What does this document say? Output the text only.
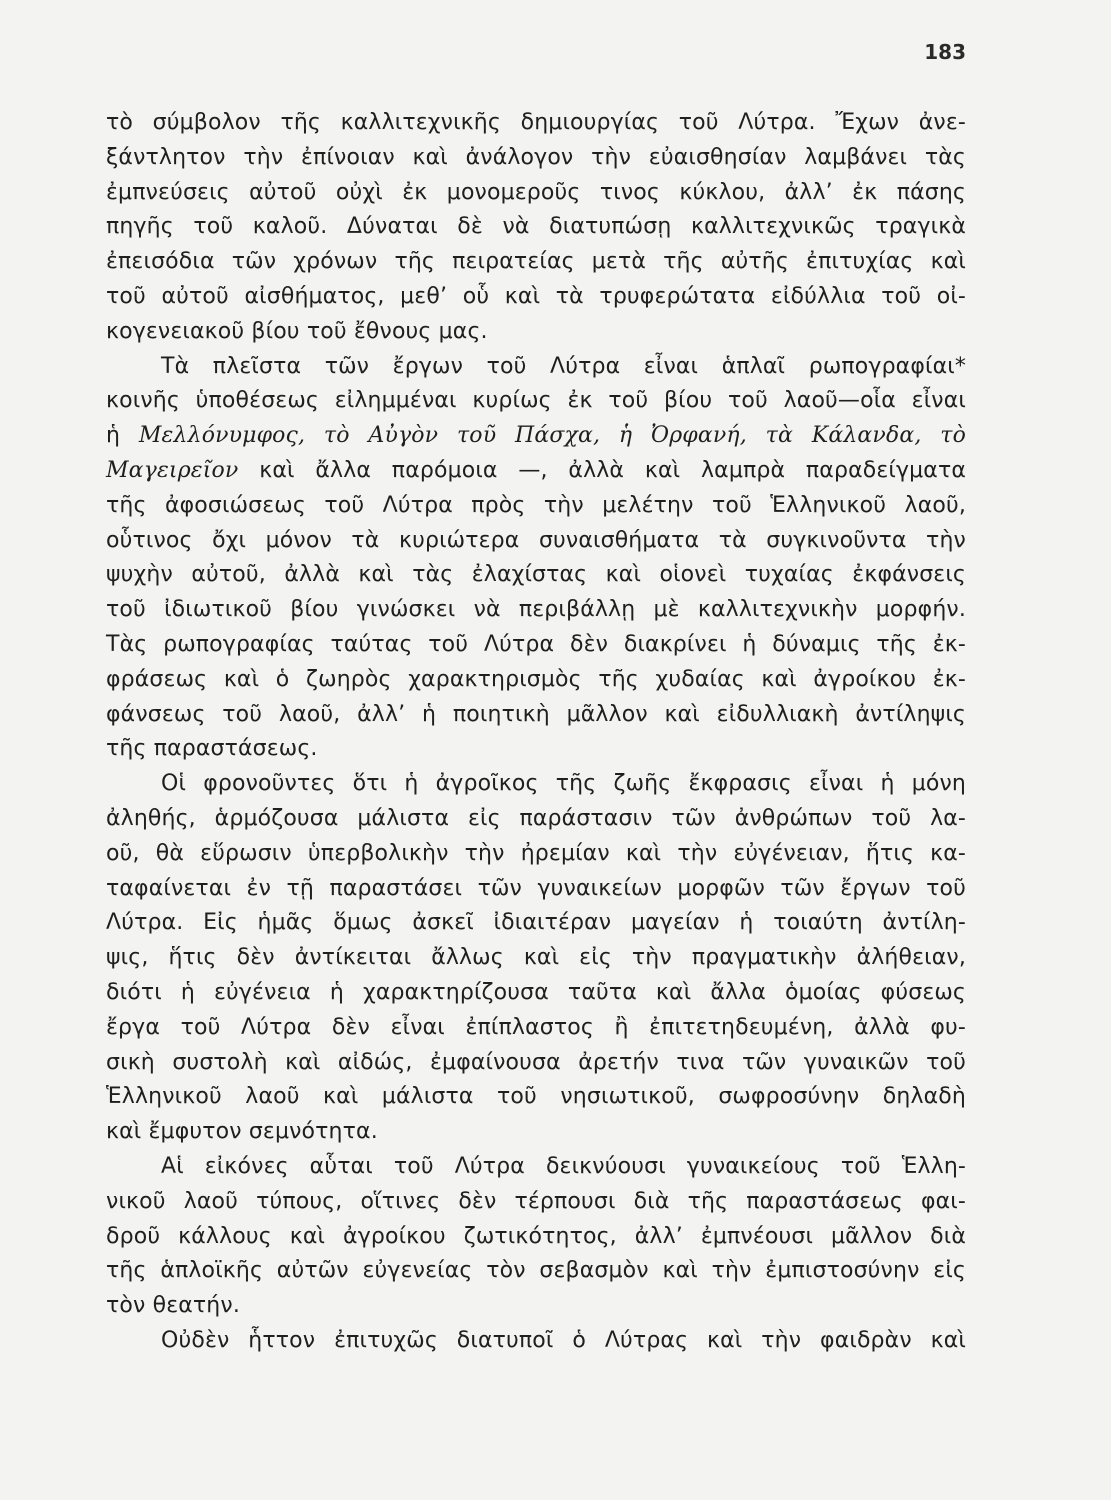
183
τὸ σύμβολον τῆς καλλιτεχνικῆς δημιουργίας τοῦ Λύτρα. Ἔχων ἀνε-
ξάντλητον τὴν ἐπίνοιαν καὶ ἀνάλογον τὴν εὐαισθησίαν λαμβάνει τὰς
ἐμπνεύσεις αὐτοῦ οὐχὶ ἐκ μονομεροῦς τινος κύκλου, ἀλλ’ ἐκ πάσης
πηγῆς τοῦ καλοῦ. Δύναται δὲ νὰ διατυπώσῃ καλλιτεχνικῶς τραγικὰ
ἐπεισόδια τῶν χρόνων τῆς πειρατείας μετὰ τῆς αὐτῆς ἐπιτυχίας καὶ
τοῦ αὐτοῦ αἰσθήματος, μεθ’ οὗ καὶ τὰ τρυφερώτατα εἰδύλλια τοῦ οἰ-
κογενειακοῦ βίου τοῦ ἔθνους μας.
Τὰ πλεῖστα τῶν ἔργων τοῦ Λύτρα εἶναι ἁπλαῖ ρωπογραφίαι*
κοινῆς ὑποθέσεως εἰλημμέναι κυρίως ἐκ τοῦ βίου τοῦ λαοῦ—οἷα εἶναι
ἡ Μελλόνυμφος, τὸ Αὐγὸν τοῦ Πάσχα, ἡ Ὀρφανή, τὰ Κάλανδα, τὸ
Μαγειρεῖον καὶ ἄλλα παρόμοια —, ἀλλὰ καὶ λαμπρὰ παραδείγματα
τῆς ἀφοσιώσεως τοῦ Λύτρα πρὸς τὴν μελέτην τοῦ Ἑλληνικοῦ λαοῦ,
οὗτινος ὄχι μόνον τὰ κυριώτερα συναισθήματα τὰ συγκινοῦντα τὴν
ψυχὴν αὐτοῦ, ἀλλὰ καὶ τὰς ἐλαχίστας καὶ οἱονεὶ τυχαίας ἐκφάνσεις
τοῦ ἰδιωτικοῦ βίου γινώσκει νὰ περιβάλλῃ μὲ καλλιτεχνικὴν μορφήν.
Τὰς ρωπογραφίας ταύτας τοῦ Λύτρα δὲν διακρίνει ἡ δύναμις τῆς ἐκ-
φράσεως καὶ ὁ ζωηρὸς χαρακτηρισμὸς τῆς χυδαίας καὶ ἀγροίκου ἐκ-
φάνσεως τοῦ λαοῦ, ἀλλ’ ἡ ποιητικὴ μᾶλλον καὶ εἰδυλλιακὴ ἀντίληψις
τῆς παραστάσεως.
Οἱ φρονοῦντες ὅτι ἡ ἀγροῖκος τῆς ζωῆς ἔκφρασις εἶναι ἡ μόνη
ἀληθής, ἁρμόζουσα μάλιστα εἰς παράστασιν τῶν ἀνθρώπων τοῦ λα-
οῦ, θὰ εὕρωσιν ὑπερβολικὴν τὴν ἠρεμίαν καὶ τὴν εὐγένειαν, ἥτις κα-
ταφαίνεται ἐν τῇ παραστάσει τῶν γυναικείων μορφῶν τῶν ἔργων τοῦ
Λύτρα. Εἰς ἡμᾶς ὅμως ἀσκεῖ ἰδιαιτέραν μαγείαν ἡ τοιαύτη ἀντίλη-
ψις, ἥτις δὲν ἀντίκειται ἄλλως καὶ εἰς τὴν πραγματικὴν ἀλήθειαν,
διότι ἡ εὐγένεια ἡ χαρακτηρίζουσα ταῦτα καὶ ἄλλα ὁμοίας φύσεως
ἔργα τοῦ Λύτρα δὲν εἶναι ἐπίπλαστος ἢ ἐπιτετηδευμένη, ἀλλὰ φυ-
σικὴ συστολὴ καὶ αἰδώς, ἐμφαίνουσα ἀρετήν τινα τῶν γυναικῶν τοῦ
Ἑλληνικοῦ λαοῦ καὶ μάλιστα τοῦ νησιωτικοῦ, σωφροσύνην δηλαδὴ
καὶ ἔμφυτον σεμνότητα.
Αἱ εἰκόνες αὗται τοῦ Λύτρα δεικνύουσι γυναικείους τοῦ Ἑλλη-
νικοῦ λαοῦ τύπους, οἵτινες δὲν τέρπουσι διὰ τῆς παραστάσεως φαι-
δροῦ κάλλους καὶ ἀγροίκου ζωτικότητος, ἀλλ’ ἐμπνέουσι μᾶλλον διὰ
τῆς ἁπλοϊκῆς αὐτῶν εὐγενείας τὸν σεβασμὸν καὶ τὴν ἐμπιστοσύνην εἰς
τὸν θεατήν.
Οὐδὲν ἧττον ἐπιτυχῶς διατυποῖ ὁ Λύτρας καὶ τὴν φαιδρὰν καὶ
